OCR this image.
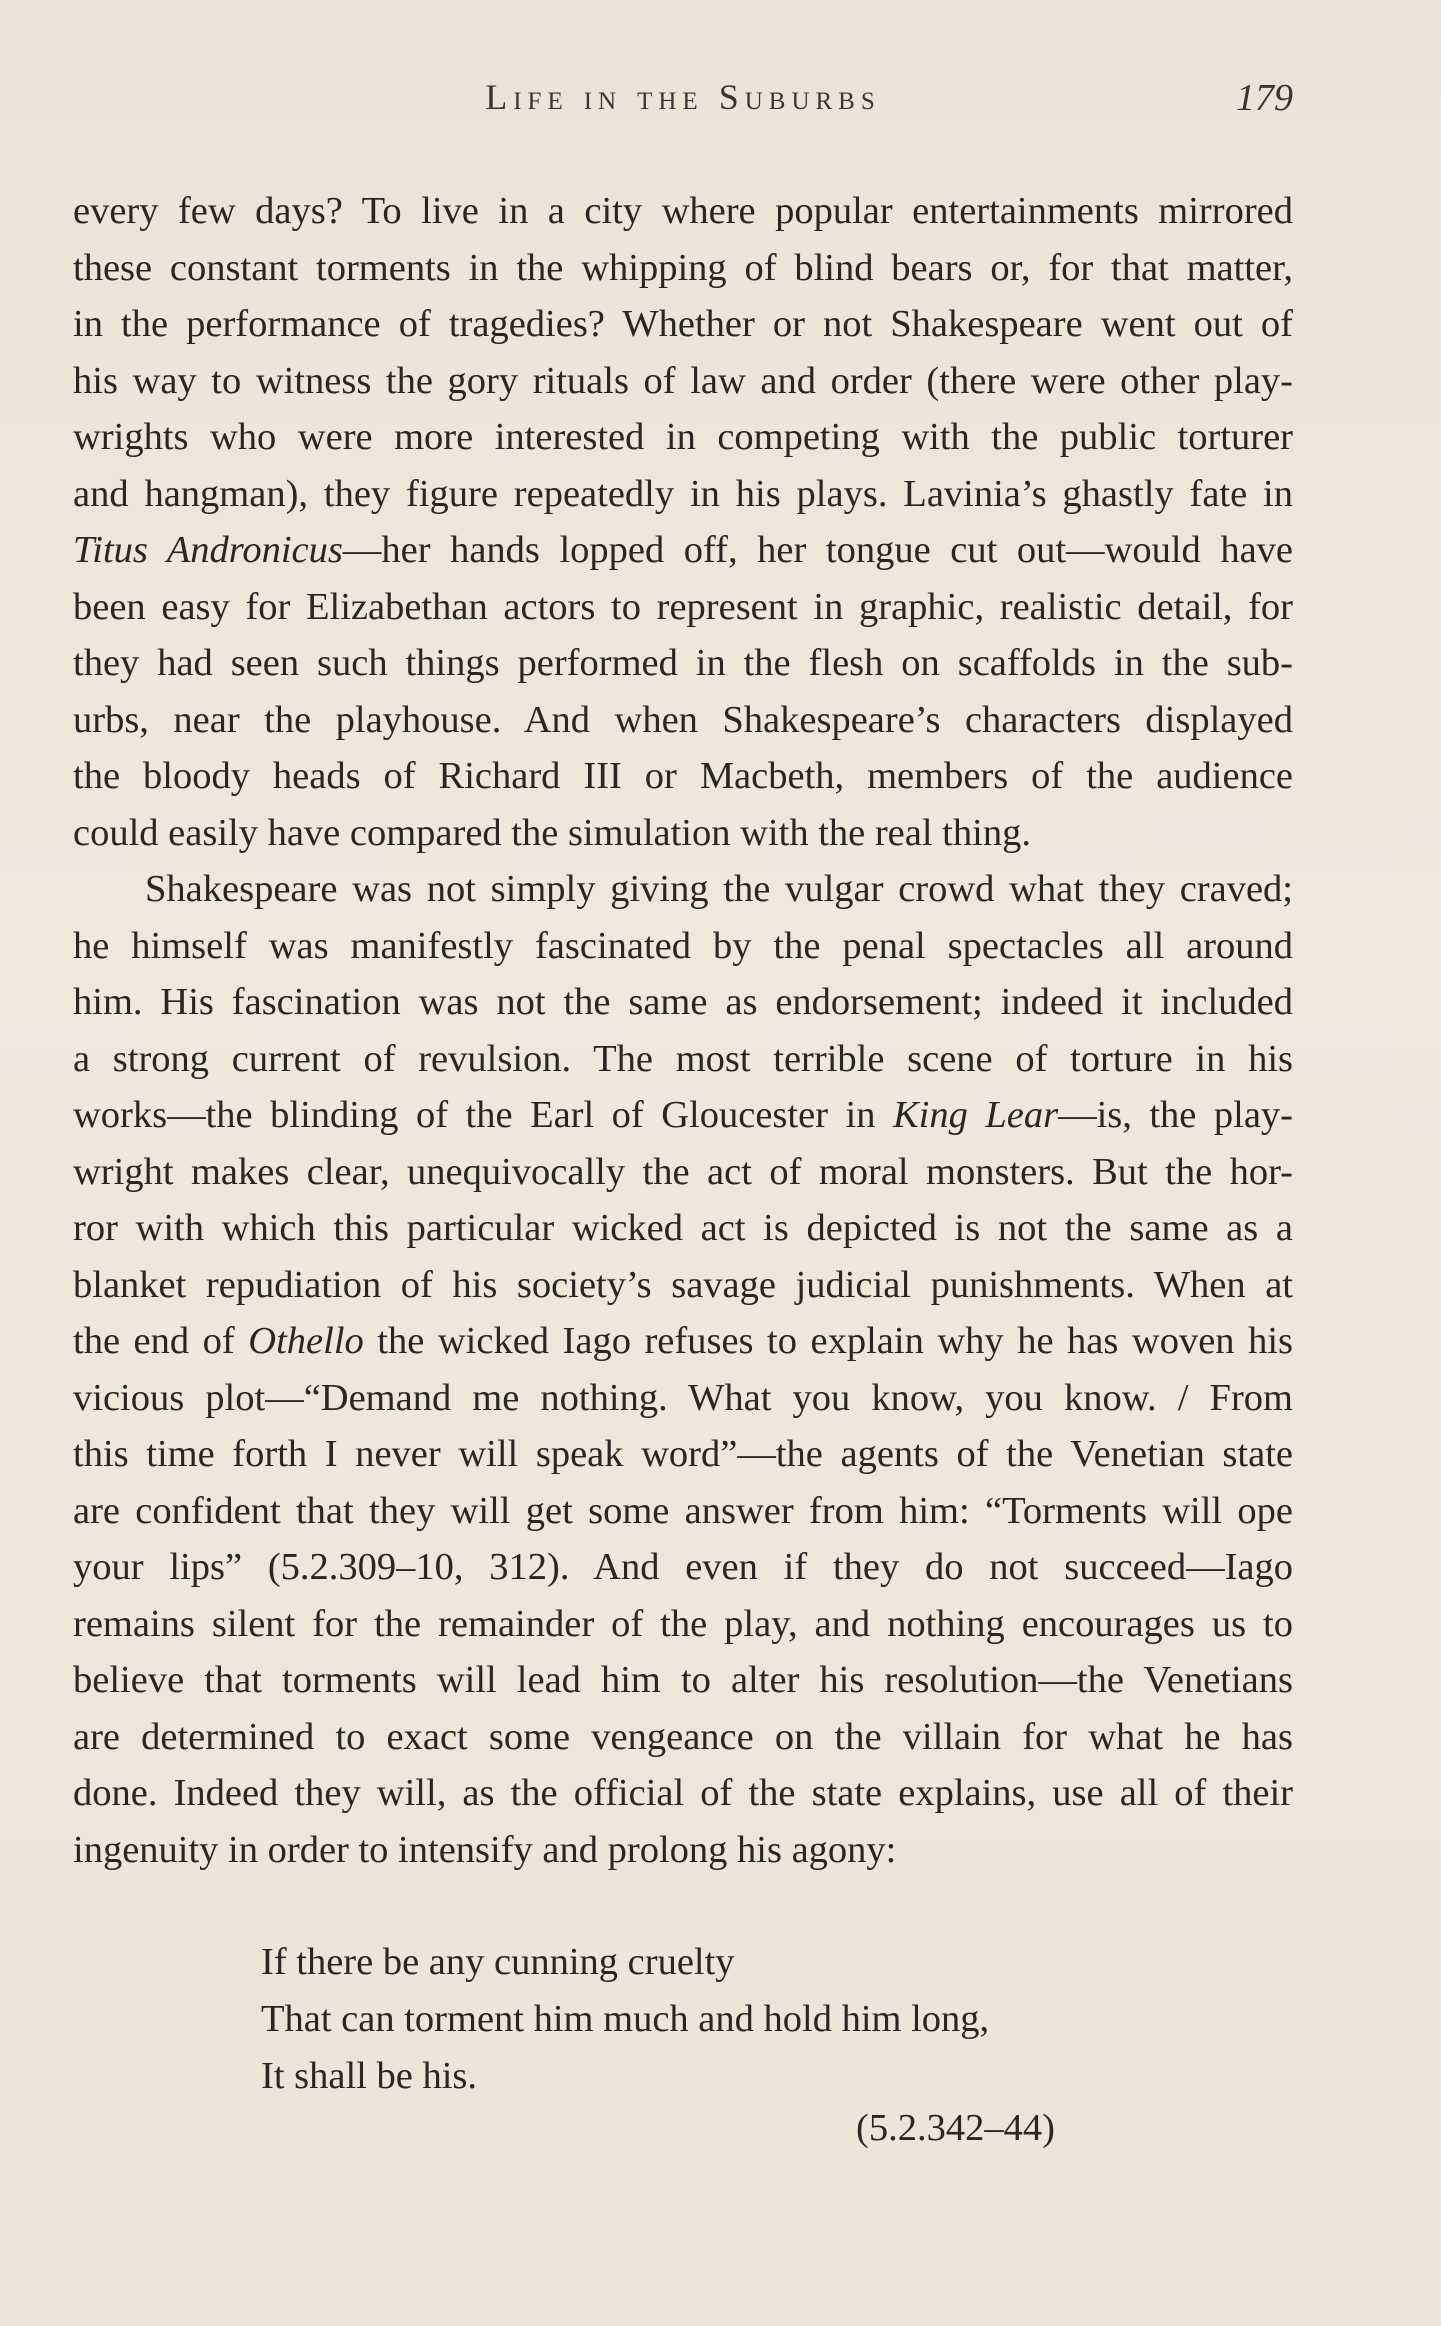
Life in the Suburbs	179

every few days? To live in a city where popular entertainments mirrored
these constant torments in the whipping of blind bears or, for that matter,
in the performance of tragedies? Whether or not Shakespeare went out of
his way to witness the gory rituals of law and order (there were other play-
wrights who were more interested in competing with the public torturer
and hangman), they figure repeatedly in his plays. Lavinia’s ghastly fate in
Titus Andronicus—her hands lopped off, her tongue cut out—would have
been easy for Elizabethan actors to represent in graphic, realistic detail, for
they had seen such things performed in the flesh on scaffolds in the sub-
urbs, near the playhouse. And when Shakespeare’s characters displayed
the bloody heads of Richard III or Macbeth, members of the audience
could easily have compared the simulation with the real thing.

Shakespeare was not simply giving the vulgar crowd what they craved;
he himself was manifestly fascinated by the penal spectacles all around
him. His fascination was not the same as endorsement; indeed it included
a strong current of revulsion. The most terrible scene of torture in his
works—the blinding of the Earl of Gloucester in King Lear—is, the play-
wright makes clear, unequivocally the act of moral monsters. But the hor-
ror with which this particular wicked act is depicted is not the same as a
blanket repudiation of his society’s savage judicial punishments. When at
the end of Othello the wicked Iago refuses to explain why he has woven his
vicious plot—“Demand me nothing. What you know, you know. / From
this time forth I never will speak word”—the agents of the Venetian state
are confident that they will get some answer from him: “Torments will ope
your lips” (5.2.309–10, 312). And even if they do not succeed—Iago
remains silent for the remainder of the play, and nothing encourages us to
believe that torments will lead him to alter his resolution—the Venetians
are determined to exact some vengeance on the villain for what he has
done. Indeed they will, as the official of the state explains, use all of their
ingenuity in order to intensify and prolong his agony:

If there be any cunning cruelty
That can torment him much and hold him long,
It shall be his.
(5.2.342–44)
